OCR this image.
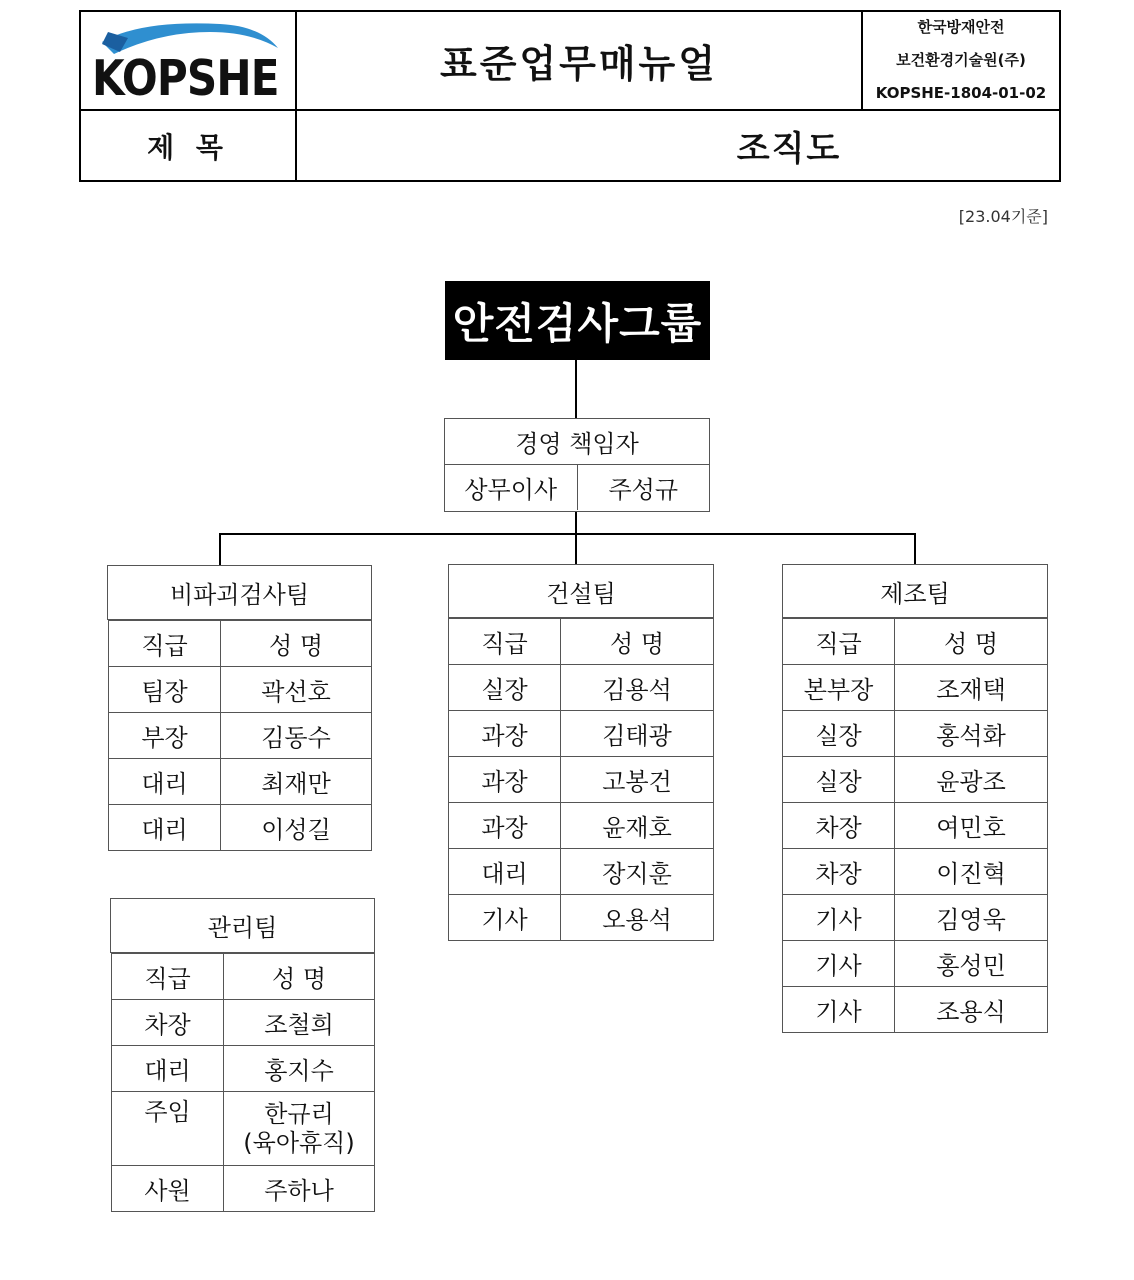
KOPSHE	표준업무매뉴얼
한국방재안전
보건환경기술원(주)
KOPSHE-1804-01-02
제 목	조직도
[23.04기준]
안전검사그룹
경영 책임자
상무이사	주성규
비파괴검사팀
직급	성 명
팀장	곽선호
부장	김동수
대리	최재만
대리	이성길
건설팀
직급	성 명
실장	김용석
과장	김태광
과장	고봉건
과장	윤재호
대리	장지훈
기사	오용석
제조팀
직급	성 명
본부장	조재택
실장	홍석화
실장	윤광조
차장	여민호
차장	이진혁
기사	김영욱
기사	홍성민
기사	조용식
관리팀
직급	성 명
차장	조철희
대리	홍지수
주임	한규리
(육아휴직)

사원	주하나
